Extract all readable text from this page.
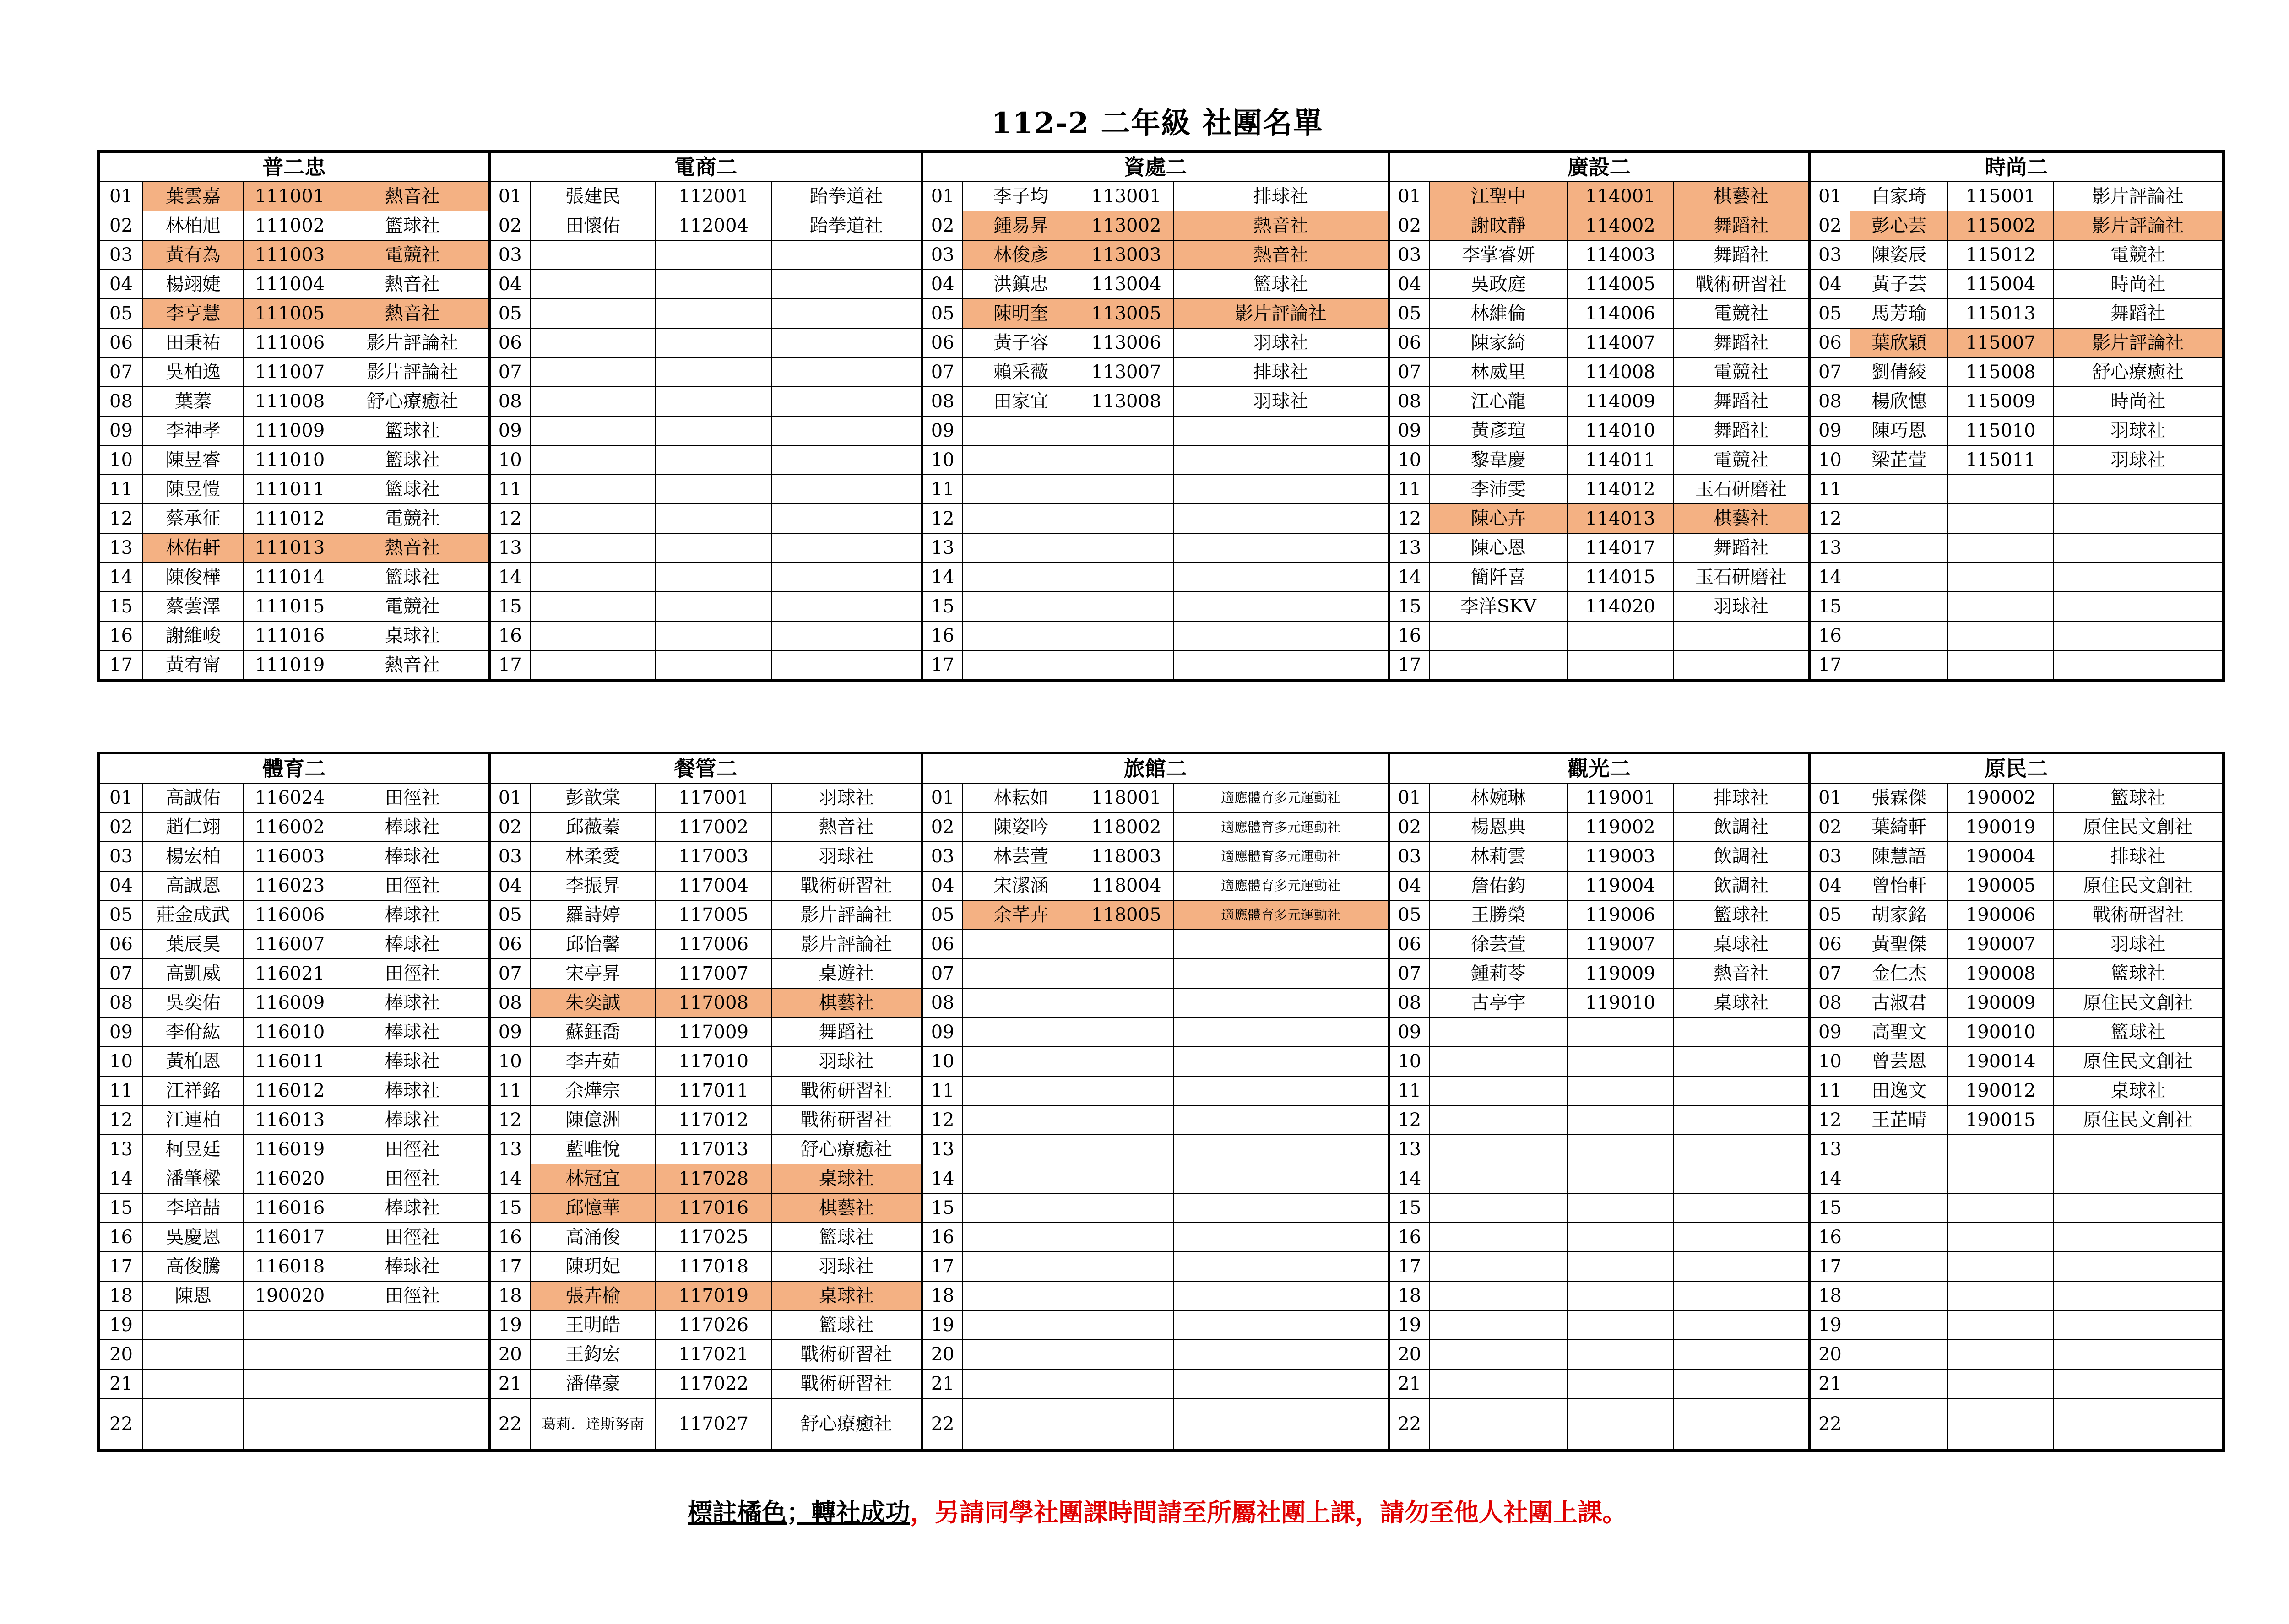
112-2 二年級 社團名單
普二忠				電商二				資處二				廣設二				時尚二			
01	葉雲嘉	111001	熱音社	01	張建民	112001	跆拳道社	01	李子均	113001	排球社	01	江聖中	114001	棋藝社	01	白家琦	115001	影片評論社
02	林柏旭	111002	籃球社	02	田懷佑	112004	跆拳道社	02	鍾易昇	113002	熱音社	02	謝旼靜	114002	舞蹈社	02	彭心芸	115002	影片評論社
03	黃有為	111003	電競社	03				03	林俊彥	113003	熱音社	03	李掌睿妍	114003	舞蹈社	03	陳姿辰	115012	電競社
04	楊翊婕	111004	熱音社	04				04	洪鎮忠	113004	籃球社	04	吳政庭	114005	戰術研習社	04	黃子芸	115004	時尚社
05	李亨慧	111005	熱音社	05				05	陳明奎	113005	影片評論社	05	林維倫	114006	電競社	05	馬芳瑜	115013	舞蹈社
06	田秉祐	111006	影片評論社	06				06	黃子容	113006	羽球社	06	陳家綺	114007	舞蹈社	06	葉欣穎	115007	影片評論社
07	吳柏逸	111007	影片評論社	07				07	賴采薇	113007	排球社	07	林威里	114008	電競社	07	劉倩綾	115008	舒心療癒社
08	葉蓁	111008	舒心療癒社	08				08	田家宜	113008	羽球社	08	江心龍	114009	舞蹈社	08	楊欣憓	115009	時尚社
09	李神孝	111009	籃球社	09				09				09	黃彥瑄	114010	舞蹈社	09	陳巧恩	115010	羽球社
10	陳昱睿	111010	籃球社	10				10				10	黎韋慶	114011	電競社	10	梁芷萱	115011	羽球社
11	陳昱愷	111011	籃球社	11				11				11	李沛雯	114012	玉石研磨社	11			
12	蔡承征	111012	電競社	12				12				12	陳心卉	114013	棋藝社	12			
13	林佑軒	111013	熱音社	13				13				13	陳心恩	114017	舞蹈社	13			
14	陳俊樺	111014	籃球社	14				14				14	簡阡喜	114015	玉石研磨社	14			
15	蔡蕓澤	111015	電競社	15				15				15	李洋SKV	114020	羽球社	15			
16	謝維峻	111016	桌球社	16				16				16				16			
17	黃宥甯	111019	熱音社	17				17				17				17			
體育二				餐管二				旅館二				觀光二				原民二			
01	高誠佑	116024	田徑社	01	彭歆棠	117001	羽球社	01	林耘如	118001	適應體育多元運動社	01	林婉琳	119001	排球社	01	張霖傑	190002	籃球社
02	趙仁翊	116002	棒球社	02	邱薇蓁	117002	熱音社	02	陳姿吟	118002	適應體育多元運動社	02	楊恩典	119002	飲調社	02	葉綺軒	190019	原住民文創社
03	楊宏柏	116003	棒球社	03	林柔愛	117003	羽球社	03	林芸萱	118003	適應體育多元運動社	03	林莉雲	119003	飲調社	03	陳慧語	190004	排球社
04	高誠恩	116023	田徑社	04	李振昇	117004	戰術研習社	04	宋潔涵	118004	適應體育多元運動社	04	詹佑鈞	119004	飲調社	04	曾怡軒	190005	原住民文創社
05	莊金成武	116006	棒球社	05	羅詩婷	117005	影片評論社	05	余芊卉	118005	適應體育多元運動社	05	王勝榮	119006	籃球社	05	胡家銘	190006	戰術研習社
06	葉辰昊	116007	棒球社	06	邱怡馨	117006	影片評論社	06				06	徐芸萱	119007	桌球社	06	黃聖傑	190007	羽球社
07	高凱威	116021	田徑社	07	宋亭昇	117007	桌遊社	07				07	鍾莉苓	119009	熱音社	07	金仁杰	190008	籃球社
08	吳奕佑	116009	棒球社	08	朱奕誠	117008	棋藝社	08				08	古亭宇	119010	桌球社	08	古淑君	190009	原住民文創社
09	李佾紘	116010	棒球社	09	蘇鈺喬	117009	舞蹈社	09				09				09	高聖文	190010	籃球社
10	黃柏恩	116011	棒球社	10	李卉茹	117010	羽球社	10				10				10	曾芸恩	190014	原住民文創社
11	江祥銘	116012	棒球社	11	余燁宗	117011	戰術研習社	11				11				11	田逸文	190012	桌球社
12	江連柏	116013	棒球社	12	陳億洲	117012	戰術研習社	12				12				12	王芷晴	190015	原住民文創社
13	柯昱廷	116019	田徑社	13	藍唯悅	117013	舒心療癒社	13				13				13			
14	潘肇樑	116020	田徑社	14	林冠宜	117028	桌球社	14				14				14			
15	李培喆	116016	棒球社	15	邱憶華	117016	棋藝社	15				15				15			
16	吳慶恩	116017	田徑社	16	高涌俊	117025	籃球社	16				16				16			
17	高俊騰	116018	棒球社	17	陳玥妃	117018	羽球社	17				17				17			
18	陳恩	190020	田徑社	18	張卉榆	117019	桌球社	18				18				18			
19				19	王明皓	117026	籃球社	19				19				19			
20				20	王鈞宏	117021	戰術研習社	20				20				20			
21				21	潘偉豪	117022	戰術研習社	21				21				21			
22				22	葛莉．達斯努南	117027	舒心療癒社	22				22				22			
標註橘色；轉社成功，另請同學社團課時間請至所屬社團上課，請勿至他人社團上課。
